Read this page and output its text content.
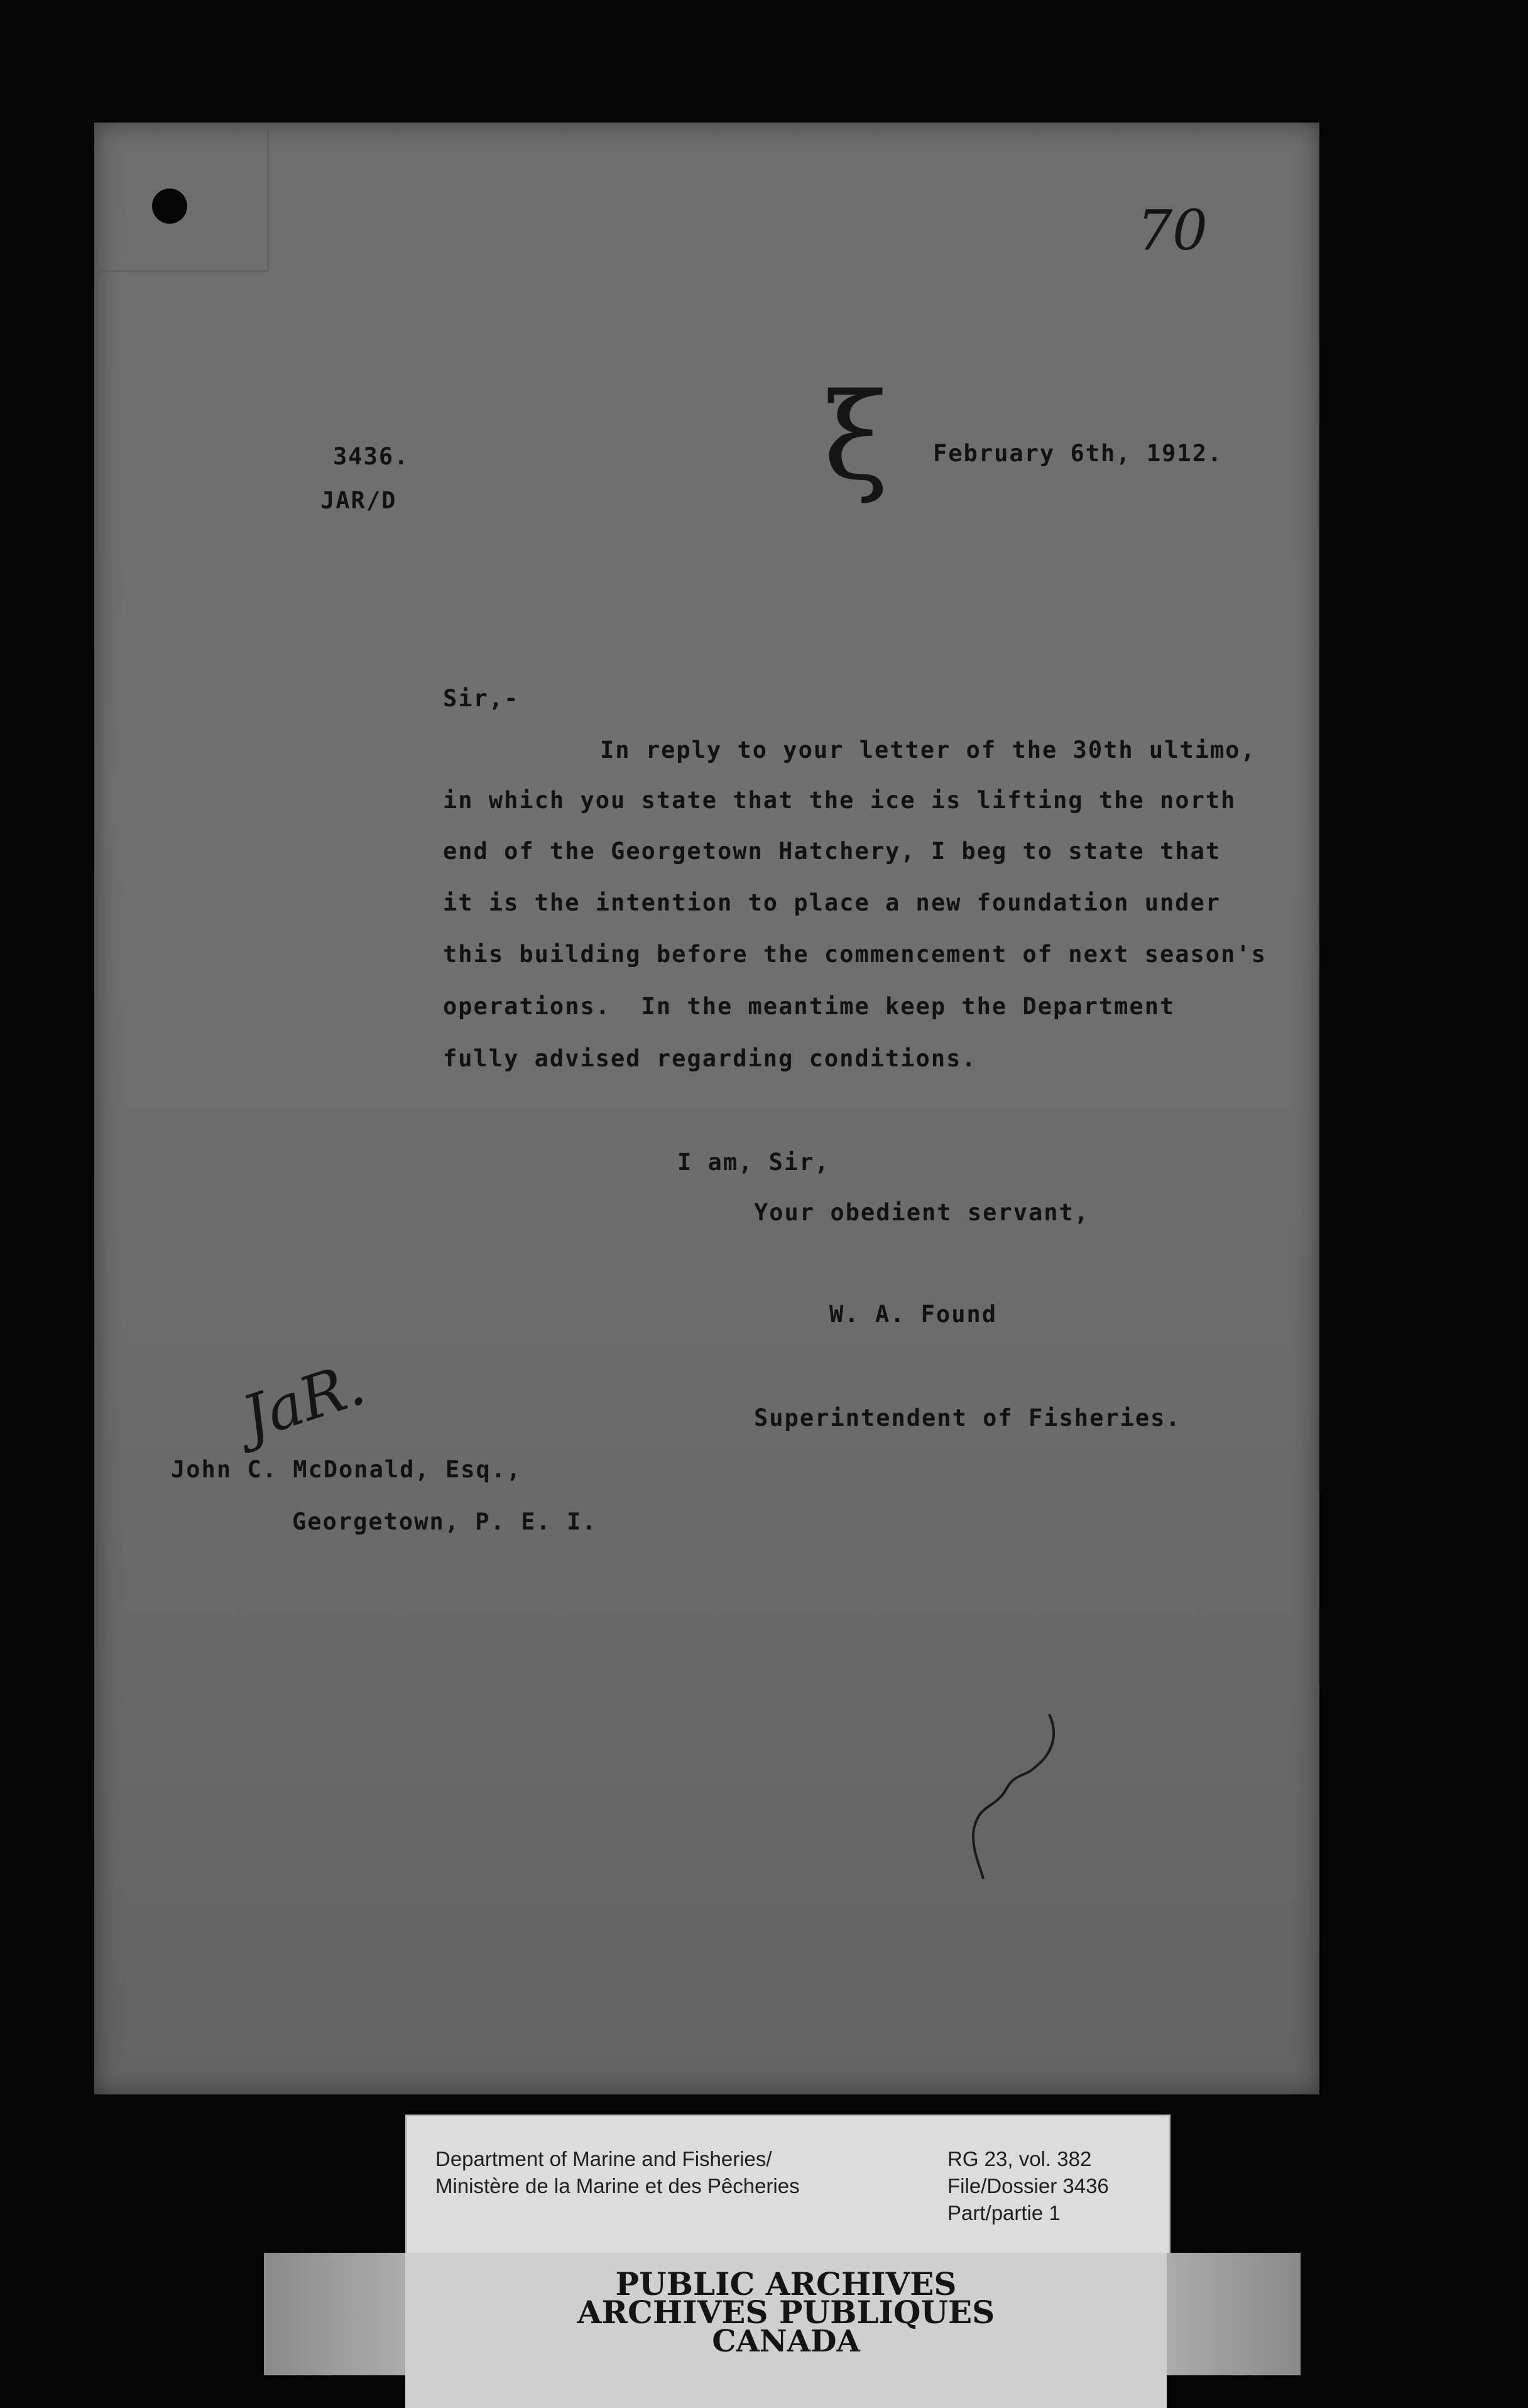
70
3436.
JAR/D	ξ February 6th, 1912.
Sir,-
In reply to your letter of the 30th ultimo,
in which you state that the ice is lifting the north
end of the Georgetown Hatchery, I beg to state that
it is the intention to place a new foundation under
this building before the commencement of next season's
operations.  In the meantime keep the Department
fully advised regarding conditions.
I am, Sir,
Your obedient servant,
W. A. Found
Superintendent of Fisheries.
JaR.
John C. McDonald, Esq.,
Georgetown, P. E. I.
Department of Marine and Fisheries/
Ministère de la Marine et des Pêcheries
RG 23, vol. 382
File/Dossier 3436
Part/partie 1
PUBLIC ARCHIVES
ARCHIVES PUBLIQUES
CANADA
